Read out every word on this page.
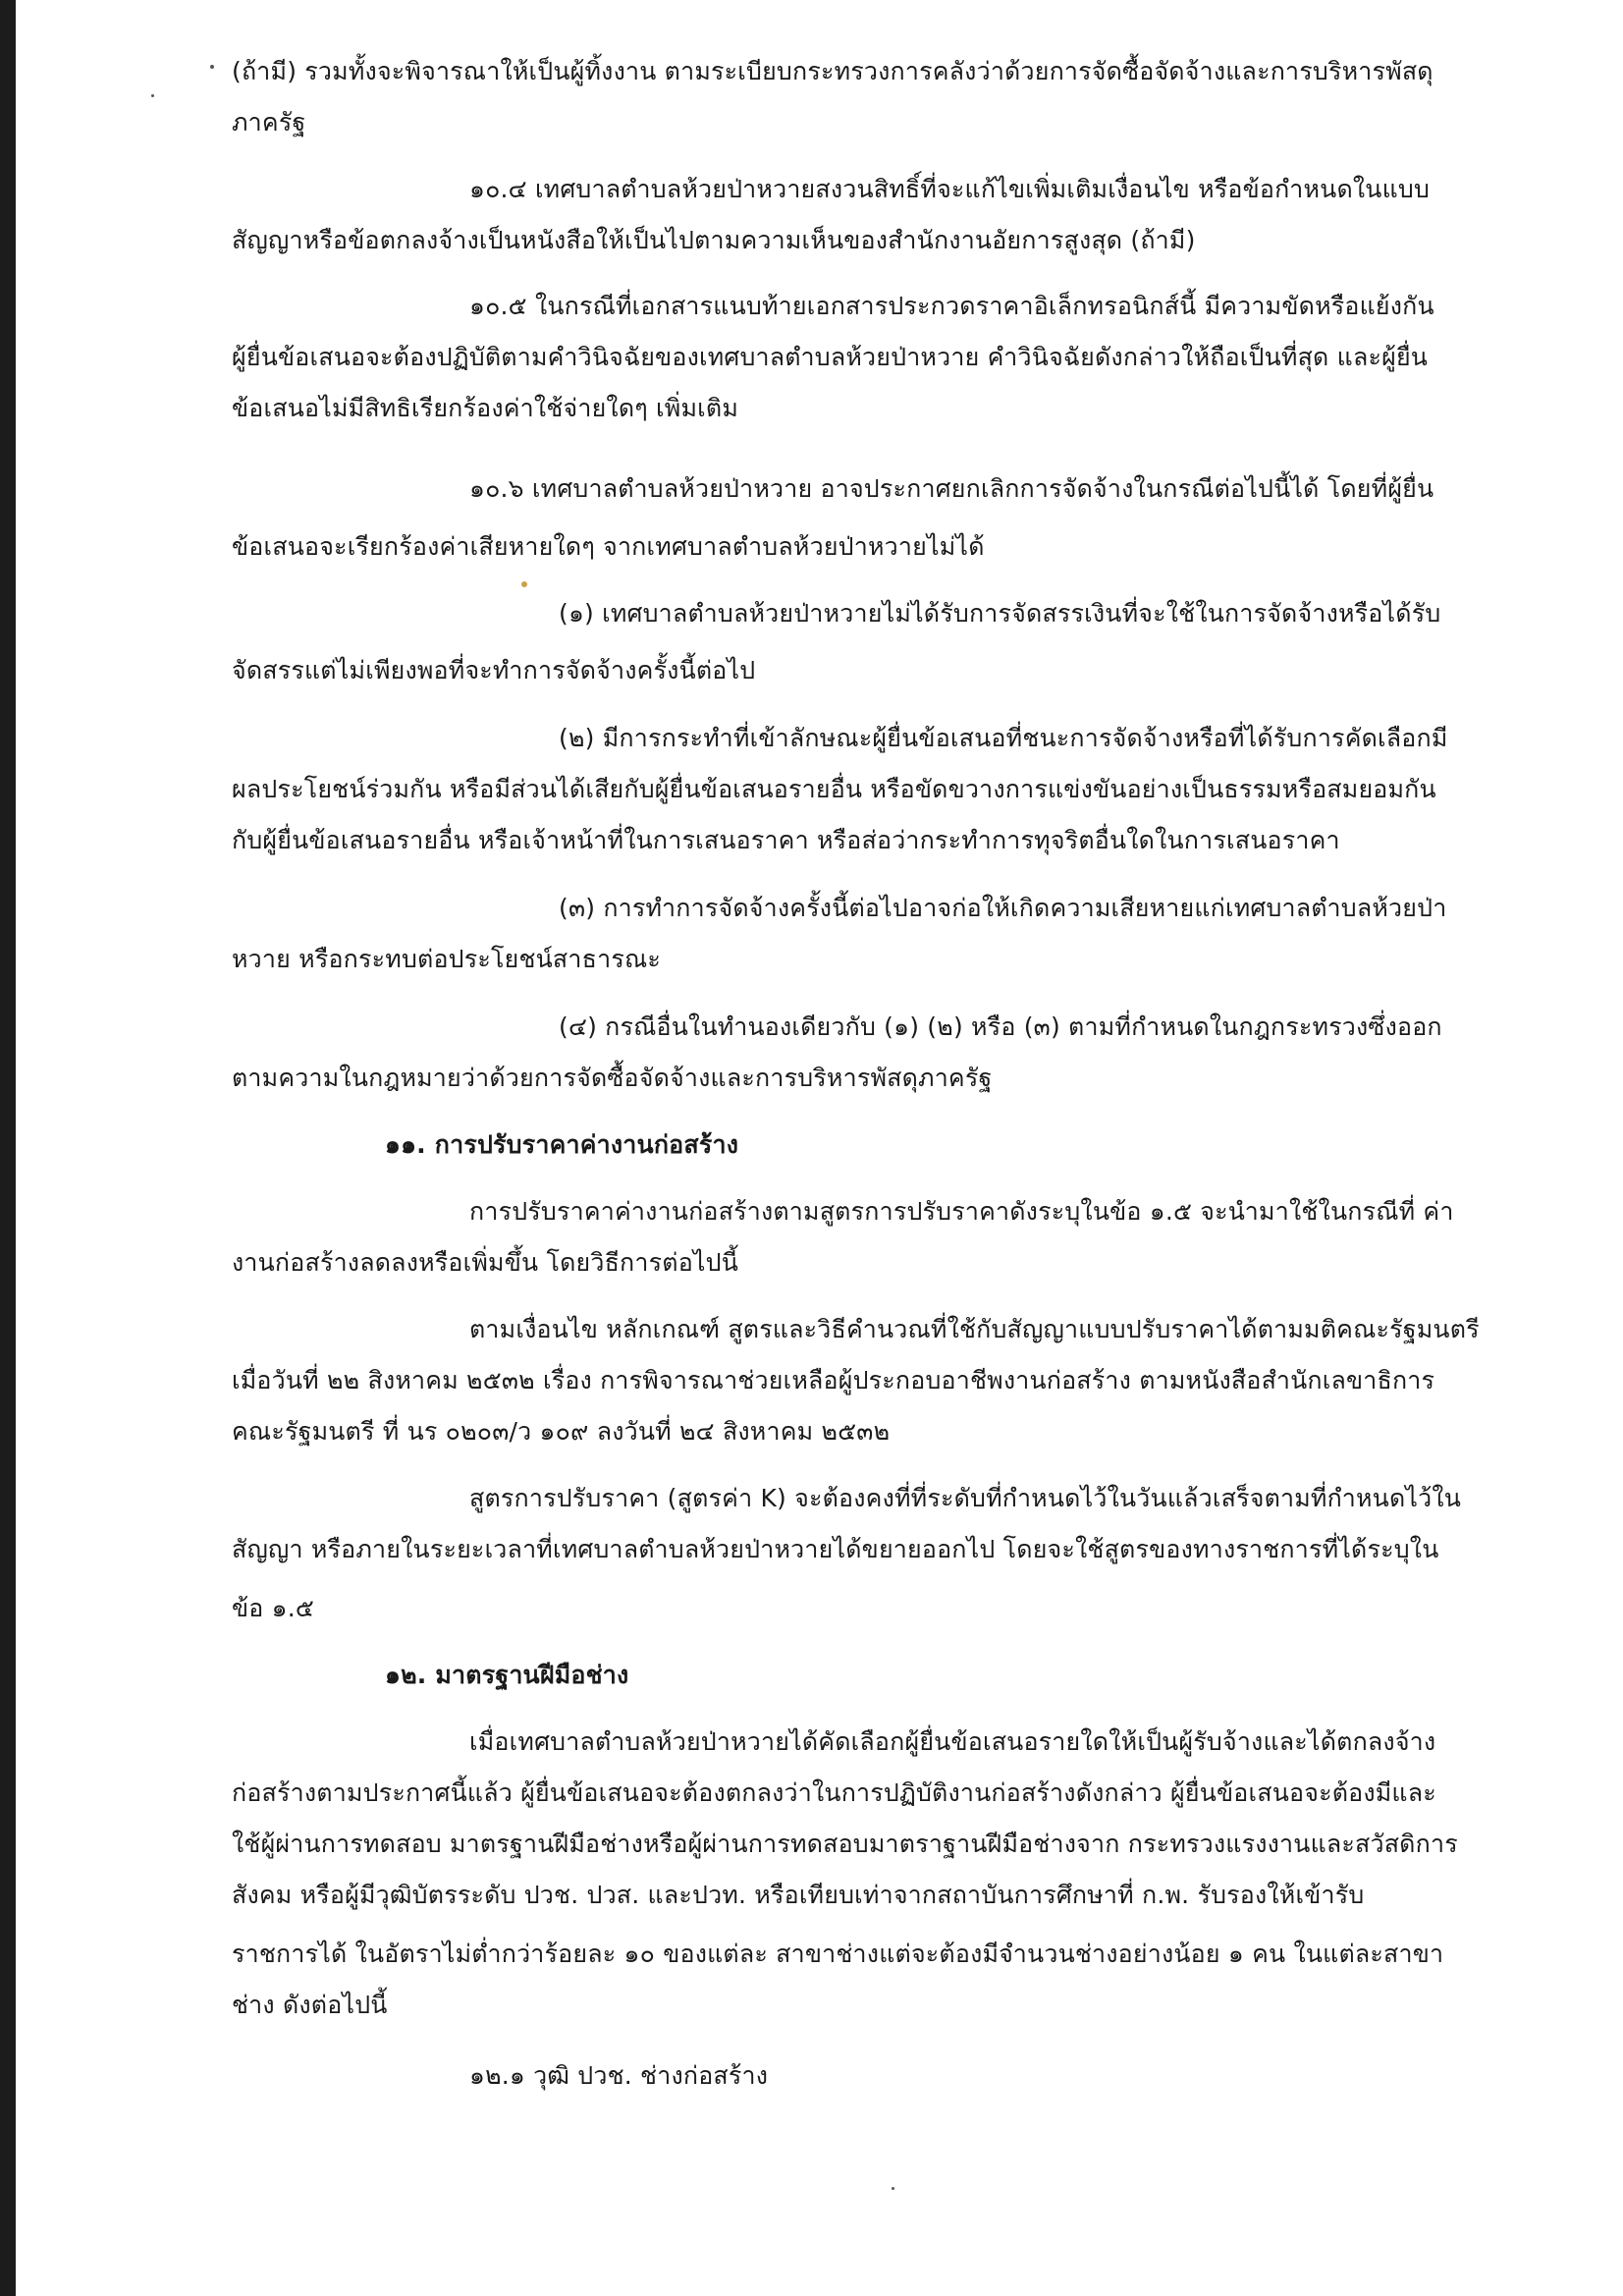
(ถ้ามี) รวมทั้งจะพิจารณาให้เป็นผู้ทิ้งงาน ตามระเบียบกระทรวงการคลังว่าด้วยการจัดซื้อจัดจ้างและการบริหารพัสดุ
ภาครัฐ
๑๐.๔ เทศบาลตำบลห้วยป่าหวายสงวนสิทธิ์ที่จะแก้ไขเพิ่มเติมเงื่อนไข หรือข้อกำหนดในแบบ
สัญญาหรือข้อตกลงจ้างเป็นหนังสือให้เป็นไปตามความเห็นของสำนักงานอัยการสูงสุด (ถ้ามี)
๑๐.๕ ในกรณีที่เอกสารแนบท้ายเอกสารประกวดราคาอิเล็กทรอนิกส์นี้ มีความขัดหรือแย้งกัน
ผู้ยื่นข้อเสนอจะต้องปฏิบัติตามคำวินิจฉัยของเทศบาลตำบลห้วยป่าหวาย คำวินิจฉัยดังกล่าวให้ถือเป็นที่สุด และผู้ยื่น
ข้อเสนอไม่มีสิทธิเรียกร้องค่าใช้จ่ายใดๆ เพิ่มเติม
๑๐.๖ เทศบาลตำบลห้วยป่าหวาย อาจประกาศยกเลิกการจัดจ้างในกรณีต่อไปนี้ได้ โดยที่ผู้ยื่น
ข้อเสนอจะเรียกร้องค่าเสียหายใดๆ จากเทศบาลตำบลห้วยป่าหวายไม่ได้
(๑) เทศบาลตำบลห้วยป่าหวายไม่ได้รับการจัดสรรเงินที่จะใช้ในการจัดจ้างหรือได้รับ
จัดสรรแต่ไม่เพียงพอที่จะทำการจัดจ้างครั้งนี้ต่อไป
(๒) มีการกระทำที่เข้าลักษณะผู้ยื่นข้อเสนอที่ชนะการจัดจ้างหรือที่ได้รับการคัดเลือกมี
ผลประโยชน์ร่วมกัน หรือมีส่วนได้เสียกับผู้ยื่นข้อเสนอรายอื่น หรือขัดขวางการแข่งขันอย่างเป็นธรรมหรือสมยอมกัน
กับผู้ยื่นข้อเสนอรายอื่น หรือเจ้าหน้าที่ในการเสนอราคา หรือส่อว่ากระทำการทุจริตอื่นใดในการเสนอราคา
(๓) การทำการจัดจ้างครั้งนี้ต่อไปอาจก่อให้เกิดความเสียหายแก่เทศบาลตำบลห้วยป่า
หวาย หรือกระทบต่อประโยชน์สาธารณะ
(๔) กรณีอื่นในทำนองเดียวกับ (๑) (๒) หรือ (๓) ตามที่กำหนดในกฎกระทรวงซึ่งออก
ตามความในกฎหมายว่าด้วยการจัดซื้อจัดจ้างและการบริหารพัสดุภาครัฐ
๑๑. การปรับราคาค่างานก่อสร้าง
การปรับราคาค่างานก่อสร้างตามสูตรการปรับราคาดังระบุในข้อ ๑.๕ จะนำมาใช้ในกรณีที่ ค่า
งานก่อสร้างลดลงหรือเพิ่มขึ้น โดยวิธีการต่อไปนี้
ตามเงื่อนไข หลักเกณฑ์ สูตรและวิธีคำนวณที่ใช้กับสัญญาแบบปรับราคาได้ตามมติคณะรัฐมนตรี
เมื่อวันที่ ๒๒ สิงหาคม ๒๕๓๒ เรื่อง การพิจารณาช่วยเหลือผู้ประกอบอาชีพงานก่อสร้าง ตามหนังสือสำนักเลขาธิการ
คณะรัฐมนตรี ที่ นร ๐๒๐๓/ว ๑๐๙ ลงวันที่ ๒๔ สิงหาคม ๒๕๓๒
สูตรการปรับราคา (สูตรค่า K) จะต้องคงที่ที่ระดับที่กำหนดไว้ในวันแล้วเสร็จตามที่กำหนดไว้ใน
สัญญา หรือภายในระยะเวลาที่เทศบาลตำบลห้วยป่าหวายได้ขยายออกไป โดยจะใช้สูตรของทางราชการที่ได้ระบุใน
ข้อ ๑.๕
๑๒. มาตรฐานฝีมือช่าง
เมื่อเทศบาลตำบลห้วยป่าหวายได้คัดเลือกผู้ยื่นข้อเสนอรายใดให้เป็นผู้รับจ้างและได้ตกลงจ้าง
ก่อสร้างตามประกาศนี้แล้ว ผู้ยื่นข้อเสนอจะต้องตกลงว่าในการปฏิบัติงานก่อสร้างดังกล่าว ผู้ยื่นข้อเสนอจะต้องมีและ
ใช้ผู้ผ่านการทดสอบ มาตรฐานฝีมือช่างหรือผู้ผ่านการทดสอบมาตราฐานฝีมือช่างจาก กระทรวงแรงงานและสวัสดิการ
สังคม หรือผู้มีวุฒิบัตรระดับ ปวช. ปวส. และปวท. หรือเทียบเท่าจากสถาบันการศึกษาที่ ก.พ. รับรองให้เข้ารับ
ราชการได้ ในอัตราไม่ต่ำกว่าร้อยละ ๑๐ ของแต่ละ สาขาช่างแต่จะต้องมีจำนวนช่างอย่างน้อย ๑ คน ในแต่ละสาขา
ช่าง ดังต่อไปนี้
๑๒.๑ วุฒิ ปวช. ช่างก่อสร้าง
